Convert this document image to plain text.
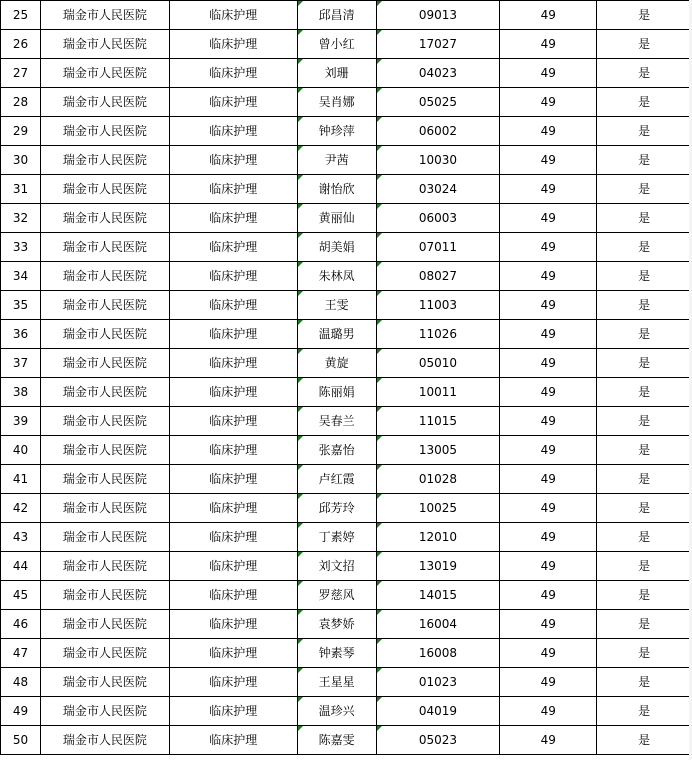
25	瑞金市人民医院	临床护理	邱昌清	09013	49	是
26	瑞金市人民医院	临床护理	曾小红	17027	49	是
27	瑞金市人民医院	临床护理	刘珊	04023	49	是
28	瑞金市人民医院	临床护理	吴肖娜	05025	49	是
29	瑞金市人民医院	临床护理	钟珍萍	06002	49	是
30	瑞金市人民医院	临床护理	尹茜	10030	49	是
31	瑞金市人民医院	临床护理	谢怡欣	03024	49	是
32	瑞金市人民医院	临床护理	黄丽仙	06003	49	是
33	瑞金市人民医院	临床护理	胡美娟	07011	49	是
34	瑞金市人民医院	临床护理	朱林凤	08027	49	是
35	瑞金市人民医院	临床护理	王雯	11003	49	是
36	瑞金市人民医院	临床护理	温璐男	11026	49	是
37	瑞金市人民医院	临床护理	黄旋	05010	49	是
38	瑞金市人民医院	临床护理	陈丽娟	10011	49	是
39	瑞金市人民医院	临床护理	吴春兰	11015	49	是
40	瑞金市人民医院	临床护理	张嘉怡	13005	49	是
41	瑞金市人民医院	临床护理	卢红霞	01028	49	是
42	瑞金市人民医院	临床护理	邱芳玲	10025	49	是
43	瑞金市人民医院	临床护理	丁素婷	12010	49	是
44	瑞金市人民医院	临床护理	刘文招	13019	49	是
45	瑞金市人民医院	临床护理	罗慈风	14015	49	是
46	瑞金市人民医院	临床护理	袁梦娇	16004	49	是
47	瑞金市人民医院	临床护理	钟素琴	16008	49	是
48	瑞金市人民医院	临床护理	王星星	01023	49	是
49	瑞金市人民医院	临床护理	温珍兴	04019	49	是
50	瑞金市人民医院	临床护理	陈嘉雯	05023	49	是
